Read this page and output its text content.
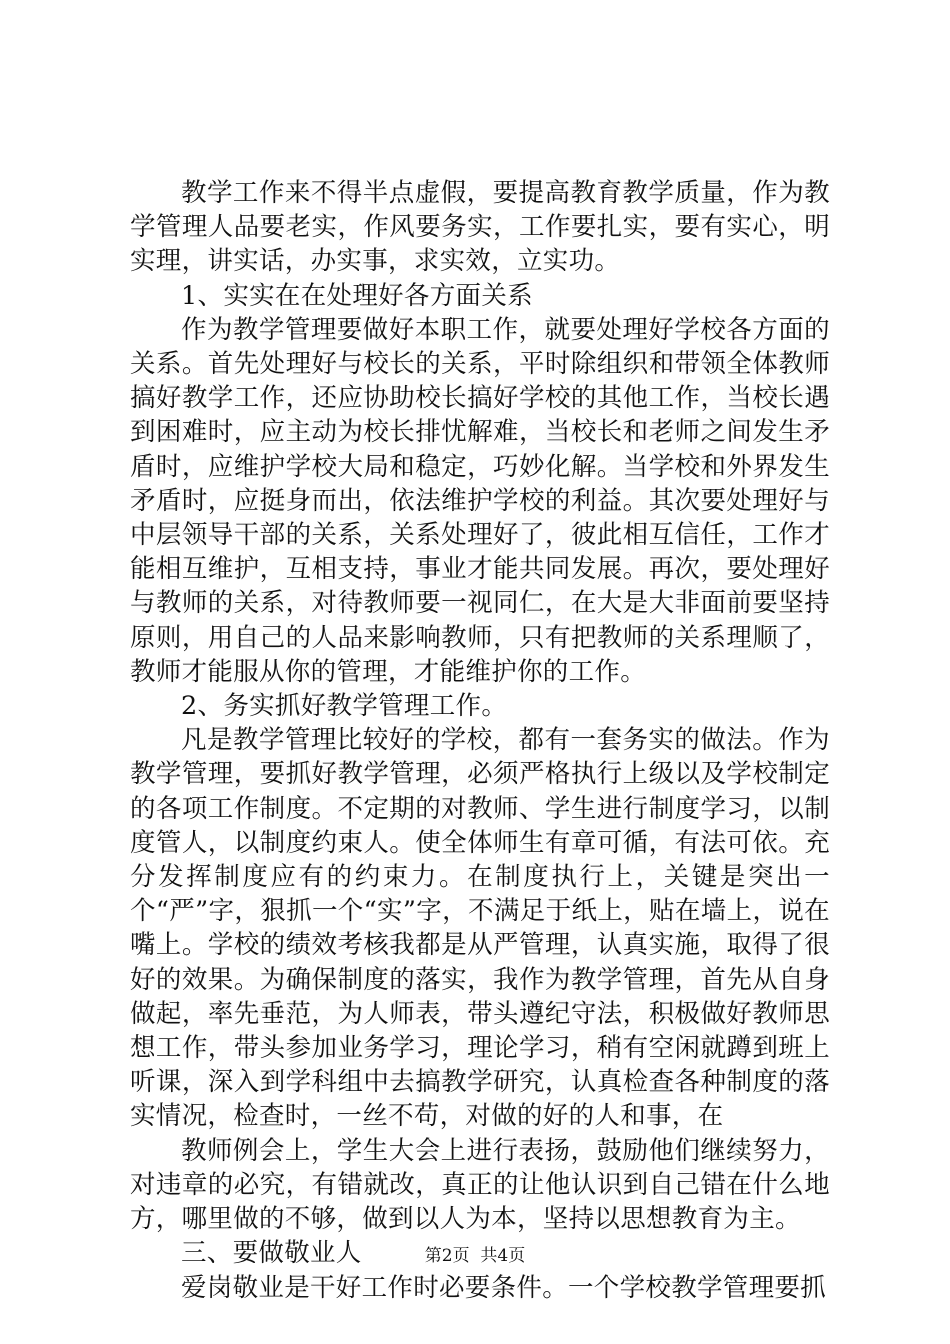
教学工作来不得半点虚假，要提高教育教学质量，作为教学管理人品要老实，作风要务实，工作要扎实，要有实心，明实理，讲实话，办实事，求实效，立实功。

1、实实在在处理好各方面关系

作为教学管理要做好本职工作，就要处理好学校各方面的关系。首先处理好与校长的关系，平时除组织和带领全体教师搞好教学工作，还应协助校长搞好学校的其他工作，当校长遇到困难时，应主动为校长排忧解难，当校长和老师之间发生矛盾时，应维护学校大局和稳定，巧妙化解。当学校和外界发生矛盾时，应挺身而出，依法维护学校的利益。其次要处理好与中层领导干部的关系，关系处理好了，彼此相互信任，工作才能相互维护，互相支持，事业才能共同发展。再次，要处理好与教师的关系，对待教师要一视同仁，在大是大非面前要坚持原则，用自己的人品来影响教师，只有把教师的关系理顺了，教师才能服从你的管理，才能维护你的工作。

2、务实抓好教学管理工作。

凡是教学管理比较好的学校，都有一套务实的做法。作为教学管理，要抓好教学管理，必须严格执行上级以及学校制定的各项工作制度。不定期的对教师、学生进行制度学习，以制度管人，以制度约束人。使全体师生有章可循，有法可依。充分发挥制度应有的约束力。在制度执行上，关键是突出一个“严”字，狠抓一个“实”字，不满足于纸上，贴在墙上，说在嘴上。学校的绩效考核我都是从严管理，认真实施，取得了很好的效果。为确保制度的落实，我作为教学管理，首先从自身做起，率先垂范，为人师表，带头遵纪守法，积极做好教师思想工作，带头参加业务学习，理论学习，稍有空闲就蹲到班上听课，深入到学科组中去搞教学研究，认真检查各种制度的落实情况，检查时，一丝不苟，对做的好的人和事，在

教师例会上，学生大会上进行表扬，鼓励他们继续努力，对违章的必究，有错就改，真正的让他认识到自己错在什么地方，哪里做的不够，做到以人为本，坚持以思想教育为主。

三、要做敬业人

爱岗敬业是干好工作时必要条件。一个学校教学管理要抓

第2页  共4页
